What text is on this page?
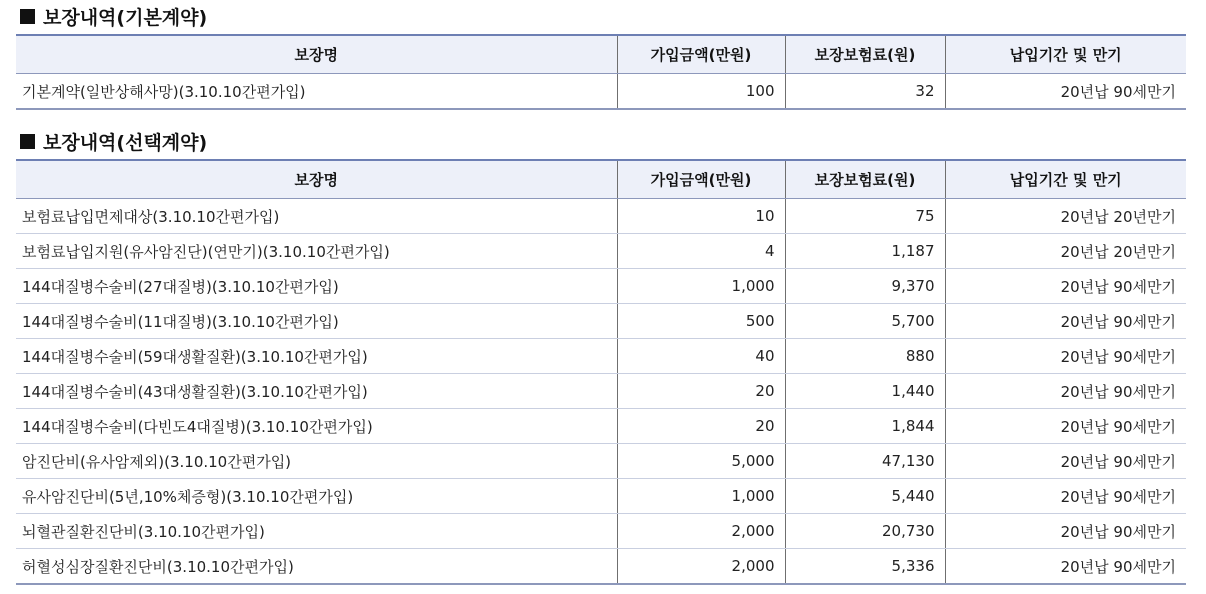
보장내역(기본계약)
보장명	가입금액(만원)	보장보험료(원)	납입기간 및 만기
기본계약(일반상해사망)(3.10.10간편가입)	100	32	20년납 90세만기
보장내역(선택계약)
보장명	가입금액(만원)	보장보험료(원)	납입기간 및 만기
보험료납입면제대상(3.10.10간편가입)	10	75	20년납 20년만기
보험료납입지원(유사암진단)(연만기)(3.10.10간편가입)	4	1,187	20년납 20년만기
144대질병수술비(27대질병)(3.10.10간편가입)	1,000	9,370	20년납 90세만기
144대질병수술비(11대질병)(3.10.10간편가입)	500	5,700	20년납 90세만기
144대질병수술비(59대생활질환)(3.10.10간편가입)	40	880	20년납 90세만기
144대질병수술비(43대생활질환)(3.10.10간편가입)	20	1,440	20년납 90세만기
144대질병수술비(다빈도4대질병)(3.10.10간편가입)	20	1,844	20년납 90세만기
암진단비(유사암제외)(3.10.10간편가입)	5,000	47,130	20년납 90세만기
유사암진단비(5년,10%체증형)(3.10.10간편가입)	1,000	5,440	20년납 90세만기
뇌혈관질환진단비(3.10.10간편가입)	2,000	20,730	20년납 90세만기
허혈성심장질환진단비(3.10.10간편가입)	2,000	5,336	20년납 90세만기
